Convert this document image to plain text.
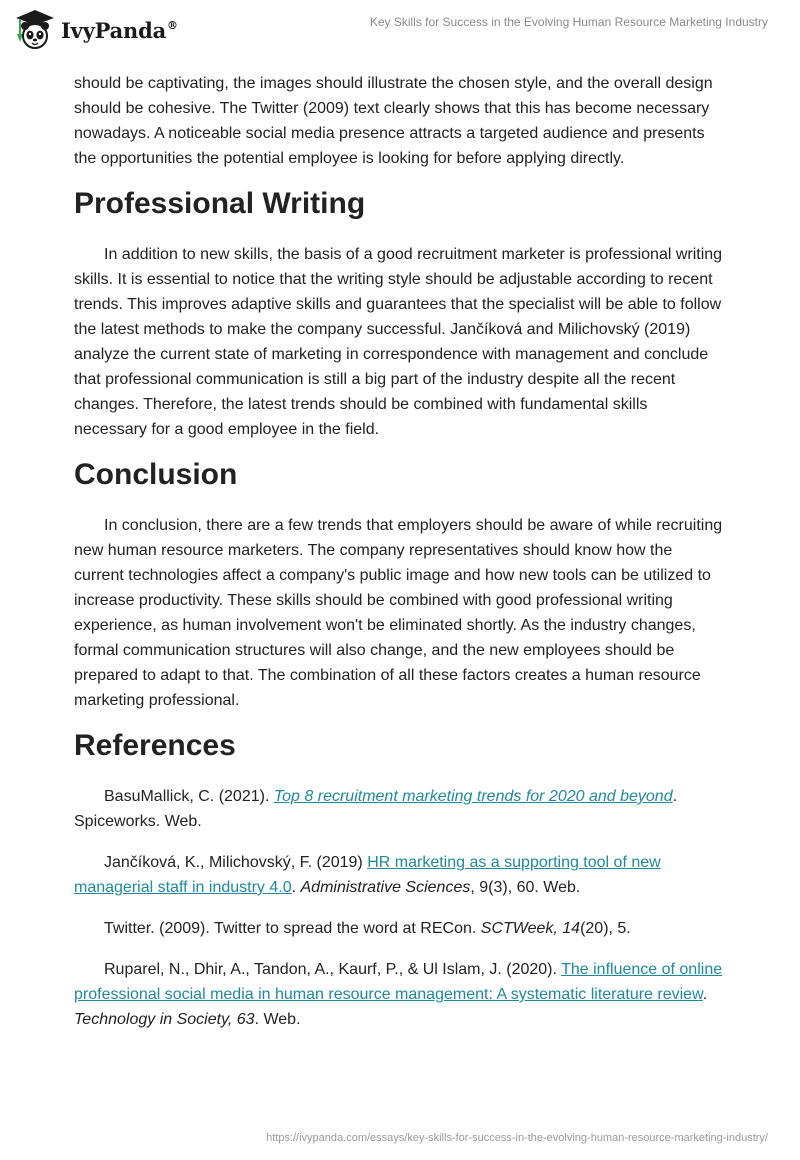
IvyPanda®	Key Skills for Success in the Evolving Human Resource Marketing Industry

should be captivating, the images should illustrate the chosen style, and the overall design should be cohesive. The Twitter (2009) text clearly shows that this has become necessary nowadays. A noticeable social media presence attracts a targeted audience and presents the opportunities the potential employee is looking for before applying directly.

Professional Writing

In addition to new skills, the basis of a good recruitment marketer is professional writing skills. It is essential to notice that the writing style should be adjustable according to recent trends. This improves adaptive skills and guarantees that the specialist will be able to follow the latest methods to make the company successful. Jančíková and Milichovský (2019) analyze the current state of marketing in correspondence with management and conclude that professional communication is still a big part of the industry despite all the recent changes. Therefore, the latest trends should be combined with fundamental skills necessary for a good employee in the field.

Conclusion

In conclusion, there are a few trends that employers should be aware of while recruiting new human resource marketers. The company representatives should know how the current technologies affect a company's public image and how new tools can be utilized to increase productivity. These skills should be combined with good professional writing experience, as human involvement won't be eliminated shortly. As the industry changes, formal communication structures will also change, and the new employees should be prepared to adapt to that. The combination of all these factors creates a human resource marketing professional.

References

BasuMallick, C. (2021). Top 8 recruitment marketing trends for 2020 and beyond. Spiceworks. Web.

Jančíková, K., Milichovský, F. (2019) HR marketing as a supporting tool of new managerial staff in industry 4.0. Administrative Sciences, 9(3), 60. Web.

Twitter. (2009). Twitter to spread the word at RECon. SCTWeek, 14(20), 5.

Ruparel, N., Dhir, A., Tandon, A., Kaurf, P., & Ul Islam, J. (2020). The influence of online professional social media in human resource management: A systematic literature review. Technology in Society, 63. Web.

https://ivypanda.com/essays/key-skills-for-success-in-the-evolving-human-resource-marketing-industry/
